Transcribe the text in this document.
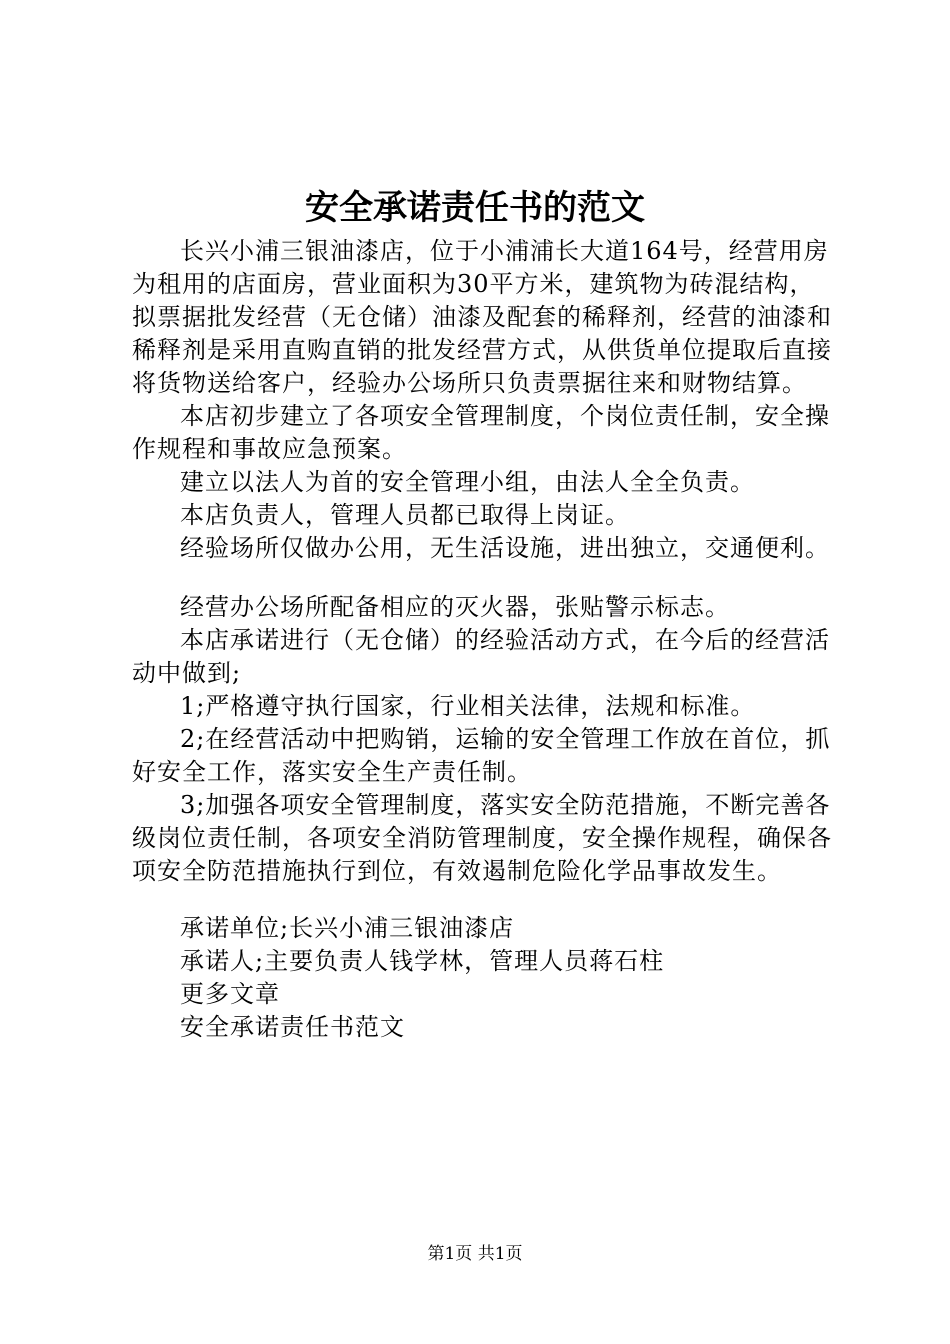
安全承诺责任书的范文

长兴小浦三银油漆店，位于小浦浦长大道164号，经营用房为租用的店面房，营业面积为30平方米，建筑物为砖混结构，拟票据批发经营（无仓储）油漆及配套的稀释剂，经营的油漆和稀释剂是采用直购直销的批发经营方式，从供货单位提取后直接将货物送给客户，经验办公场所只负责票据往来和财物结算。

本店初步建立了各项安全管理制度，个岗位责任制，安全操作规程和事故应急预案。

建立以法人为首的安全管理小组，由法人全全负责。

本店负责人，管理人员都已取得上岗证。

经验场所仅做办公用，无生活设施，进出独立，交通便利。

经营办公场所配备相应的灭火器，张贴警示标志。

本店承诺进行（无仓储）的经验活动方式，在今后的经营活动中做到;

1;严格遵守执行国家，行业相关法律，法规和标准。

2;在经营活动中把购销，运输的安全管理工作放在首位，抓好安全工作，落实安全生产责任制。

3;加强各项安全管理制度，落实安全防范措施，不断完善各级岗位责任制，各项安全消防管理制度，安全操作规程，确保各项安全防范措施执行到位，有效遏制危险化学品事故发生。

承诺单位;长兴小浦三银油漆店

承诺人;主要负责人钱学林，管理人员蒋石柱

更多文章

安全承诺责任书范文

第1页 共1页
